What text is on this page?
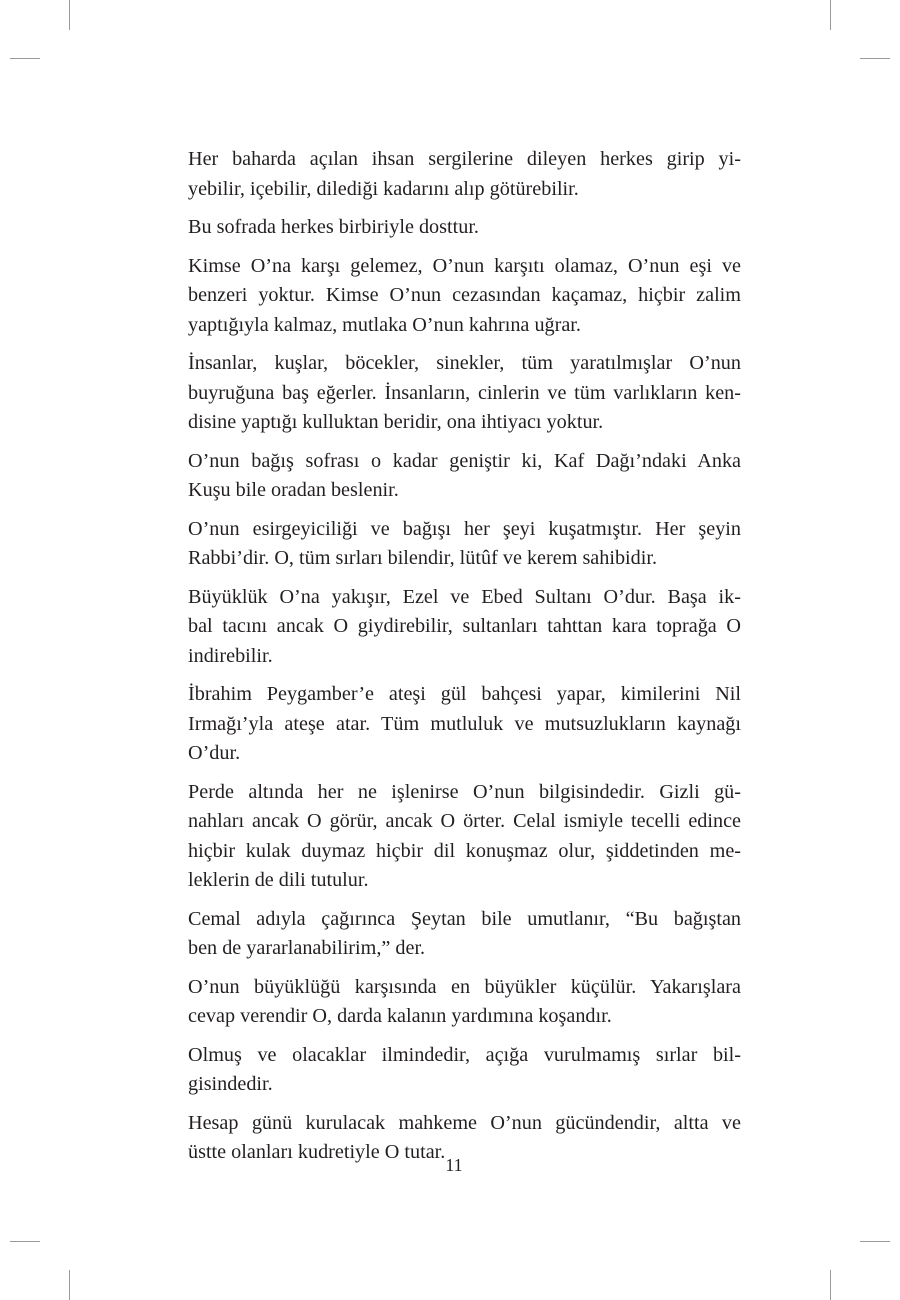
Her baharda açılan ihsan sergilerine dileyen herkes girip yi-
yebilir, içebilir, dilediği kadarını alıp götürebilir.

Bu sofrada herkes birbiriyle dosttur.

Kimse O’na karşı gelemez, O’nun karşıtı olamaz, O’nun eşi ve
benzeri yoktur. Kimse O’nun cezasından kaçamaz, hiçbir zalim
yaptığıyla kalmaz, mutlaka O’nun kahrına uğrar.

İnsanlar, kuşlar, böcekler, sinekler, tüm yaratılmışlar O’nun
buyruğuna baş eğerler. İnsanların, cinlerin ve tüm varlıkların ken-
disine yaptığı kulluktan beridir, ona ihtiyacı yoktur.

O’nun bağış sofrası o kadar geniştir ki, Kaf Dağı’ndaki Anka
Kuşu bile oradan beslenir.

O’nun esirgeyiciliği ve bağışı her şeyi kuşatmıştır. Her şeyin
Rabbi’dir. O, tüm sırları bilendir, lütûf ve kerem sahibidir.

Büyüklük O’na yakışır, Ezel ve Ebed Sultanı O’dur. Başa ik-
bal tacını ancak O giydirebilir, sultanları tahttan kara toprağa O
indirebilir.

İbrahim Peygamber’e ateşi gül bahçesi yapar, kimilerini Nil
Irmağı’yla ateşe atar. Tüm mutluluk ve mutsuzlukların kaynağı
O’dur.

Perde altında her ne işlenirse O’nun bilgisindedir. Gizli gü-
nahları ancak O görür, ancak O örter. Celal ismiyle tecelli edince
hiçbir kulak duymaz hiçbir dil konuşmaz olur, şiddetinden me-
leklerin de dili tutulur.

Cemal adıyla çağırınca Şeytan bile umutlanır, “Bu bağıştan
ben de yararlanabilirim,” der.

O’nun büyüklüğü karşısında en büyükler küçülür. Yakarışlara
cevap verendir O, darda kalanın yardımına koşandır.

Olmuş ve olacaklar ilmindedir, açığa vurulmamış sırlar bil-
gisindedir.

Hesap günü kurulacak mahkeme O’nun gücündendir, altta ve
üstte olanları kudretiyle O tutar.

11
